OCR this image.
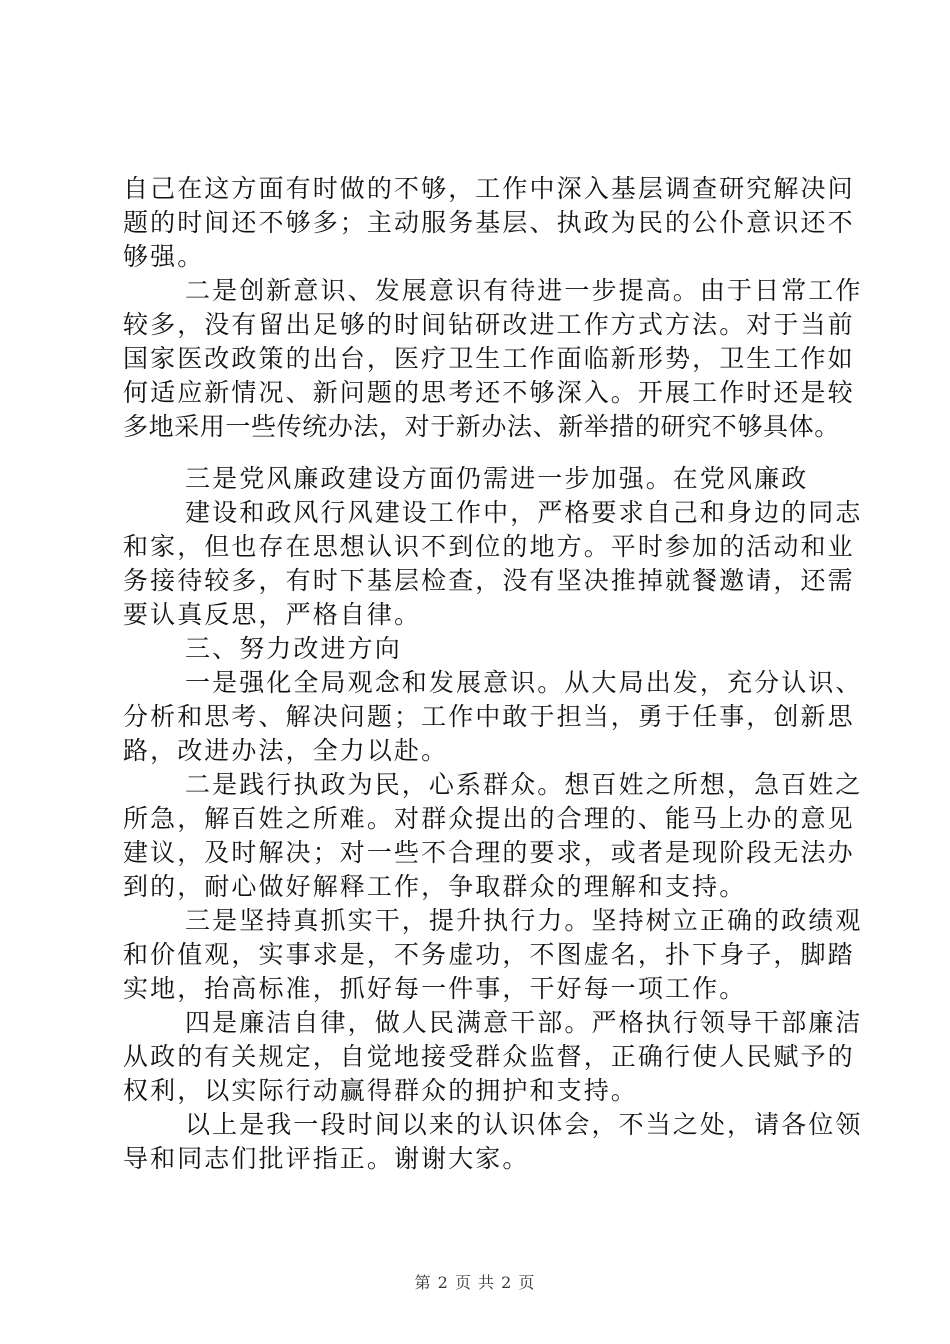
自己在这方面有时做的不够，工作中深入基层调查研究解决问
题的时间还不够多；主动服务基层、执政为民的公仆意识还不
够强。
二是创新意识、发展意识有待进一步提高。由于日常工作
较多，没有留出足够的时间钻研改进工作方式方法。对于当前
国家医改政策的出台，医疗卫生工作面临新形势，卫生工作如
何适应新情况、新问题的思考还不够深入。开展工作时还是较
多地采用一些传统办法，对于新办法、新举措的研究不够具体。
三是党风廉政建设方面仍需进一步加强。在党风廉政
建设和政风行风建设工作中，严格要求自己和身边的同志
和家，但也存在思想认识不到位的地方。平时参加的活动和业
务接待较多，有时下基层检查，没有坚决推掉就餐邀请，还需
要认真反思，严格自律。
三、努力改进方向
一是强化全局观念和发展意识。从大局出发，充分认识、
分析和思考、解决问题；工作中敢于担当，勇于任事，创新思
路，改进办法，全力以赴。
二是践行执政为民，心系群众。想百姓之所想，急百姓之
所急，解百姓之所难。对群众提出的合理的、能马上办的意见
建议，及时解决；对一些不合理的要求，或者是现阶段无法办
到的，耐心做好解释工作，争取群众的理解和支持。
三是坚持真抓实干，提升执行力。坚持树立正确的政绩观
和价值观，实事求是，不务虚功，不图虚名，扑下身子，脚踏
实地，抬高标准，抓好每一件事，干好每一项工作。
四是廉洁自律，做人民满意干部。严格执行领导干部廉洁
从政的有关规定，自觉地接受群众监督，正确行使人民赋予的
权利，以实际行动赢得群众的拥护和支持。
以上是我一段时间以来的认识体会，不当之处，请各位领
导和同志们批评指正。谢谢大家。
第 2 页 共 2 页
